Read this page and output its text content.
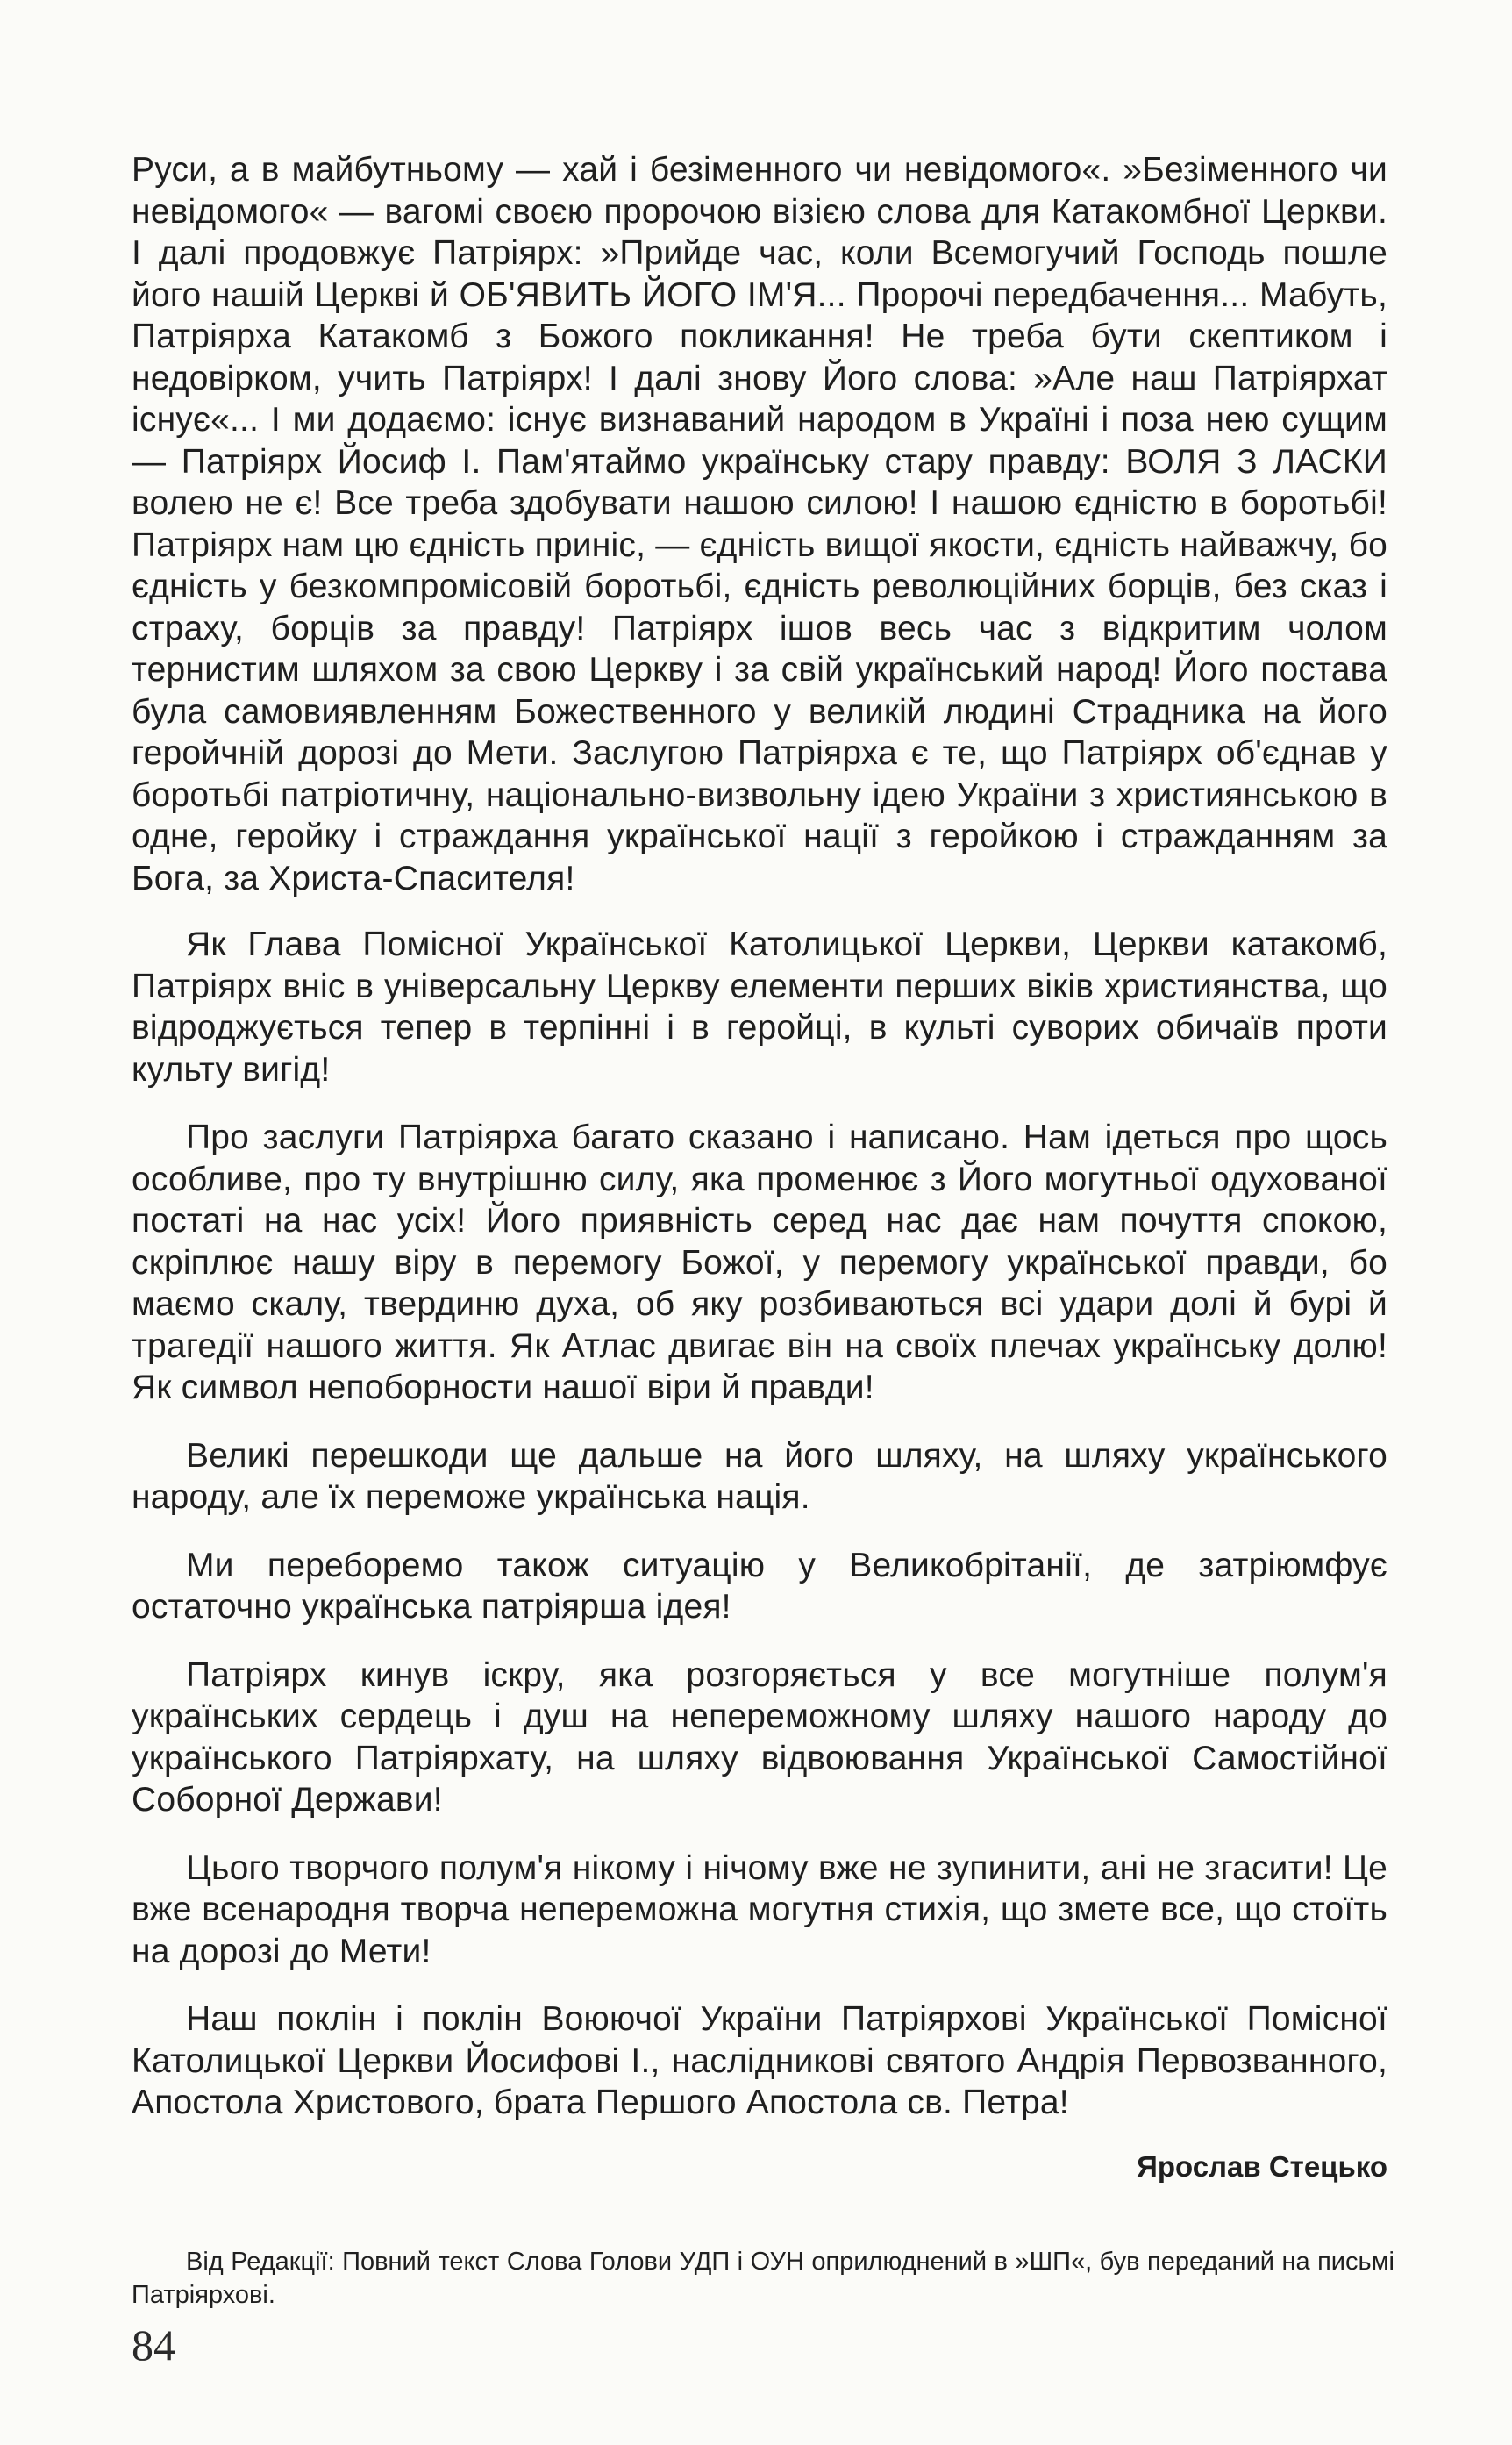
Руси, а в майбутньому — хай і безіменного чи невідомого«. »Безіменного чи невідомого« — вагомі своєю пророчою візією слова для Катакомбної Церкви. І далі продовжує Патріярх: »Прийде час, коли Всемогучий Господь пошле його нашій Церкві й ОБ'ЯВИТЬ ЙОГО ІМ'Я... Пророчі передбачення... Мабуть, Патріярха Катакомб з Божого покликання! Не треба бути скептиком і недовірком, учить Патріярх! І далі знову Його слова: »Але наш Патріярхат існує«... І ми додаємо: існує визнаваний народом в Україні і поза нею сущим — Патріярх Йосиф І. Пам'ятаймо українську стару правду: ВОЛЯ З ЛАСКИ волею не є! Все треба здобувати нашою силою! І нашою єдністю в боротьбі! Патріярх нам цю єдність приніс, — єдність вищої якости, єдність найважчу, бо єдність у безкомпромісовій боротьбі, єдність революційних борців, без сказ і страху, борців за правду! Патріярх ішов весь час з відкритим чолом тернистим шляхом за свою Церкву і за свій український народ! Його постава була самовиявленням Божественного у великій людині Страдника на його геройчній дорозі до Мети. Заслугою Патріярха є те, що Патріярх об'єднав у боротьбі патріотичну, національно-визвольну ідею України з християнською в одне, геройку і страждання української нації з геройкою і стражданням за Бога, за Христа-Спасителя!

Як Глава Помісної Української Католицької Церкви, Церкви катакомб, Патріярх вніс в універсальну Церкву елементи перших віків християнства, що відроджується тепер в терпінні і в геройці, в культі суворих обичаїв проти культу вигід!

Про заслуги Патріярха багато сказано і написано. Нам ідеться про щось особливе, про ту внутрішню силу, яка променює з Його могутньої одухованої постаті на нас усіх! Його приявність серед нас дає нам почуття спокою, скріплює нашу віру в перемогу Божої, у перемогу української правди, бо маємо скалу, твердиню духа, об яку розбиваються всі удари долі й бурі й трагедії нашого життя. Як Атлас двигає він на своїх плечах українську долю! Як символ непоборности нашої віри й правди!

Великі перешкоди ще дальше на його шляху, на шляху українського народу, але їх переможе українська нація.

Ми переборемо також ситуацію у Великобрітанії, де затріюмфує остаточно українська патріярша ідея!

Патріярх кинув іскру, яка розгоряється у все могутніше полум'я українських сердець і душ на непереможному шляху нашого народу до українського Патріярхату, на шляху відвоювання Української Самостійної Соборної Держави!

Цього творчого полум'я нікому і нічому вже не зупинити, ані не згасити! Це вже всенародня творча непереможна могутня стихія, що змете все, що стоїть на дорозі до Мети!

Наш поклін і поклін Воюючої України Патріярхові Української Помісної Католицької Церкви Йосифові І., наслідникові святого Андрія Первозванного, Апостола Христового, брата Першого Апостола св. Петра!

Ярослав Стецько
Від Редакції: Повний текст Слова Голови УДП і ОУН оприлюднений в »ШП«, був переданий на письмі Патріярхові.
84
